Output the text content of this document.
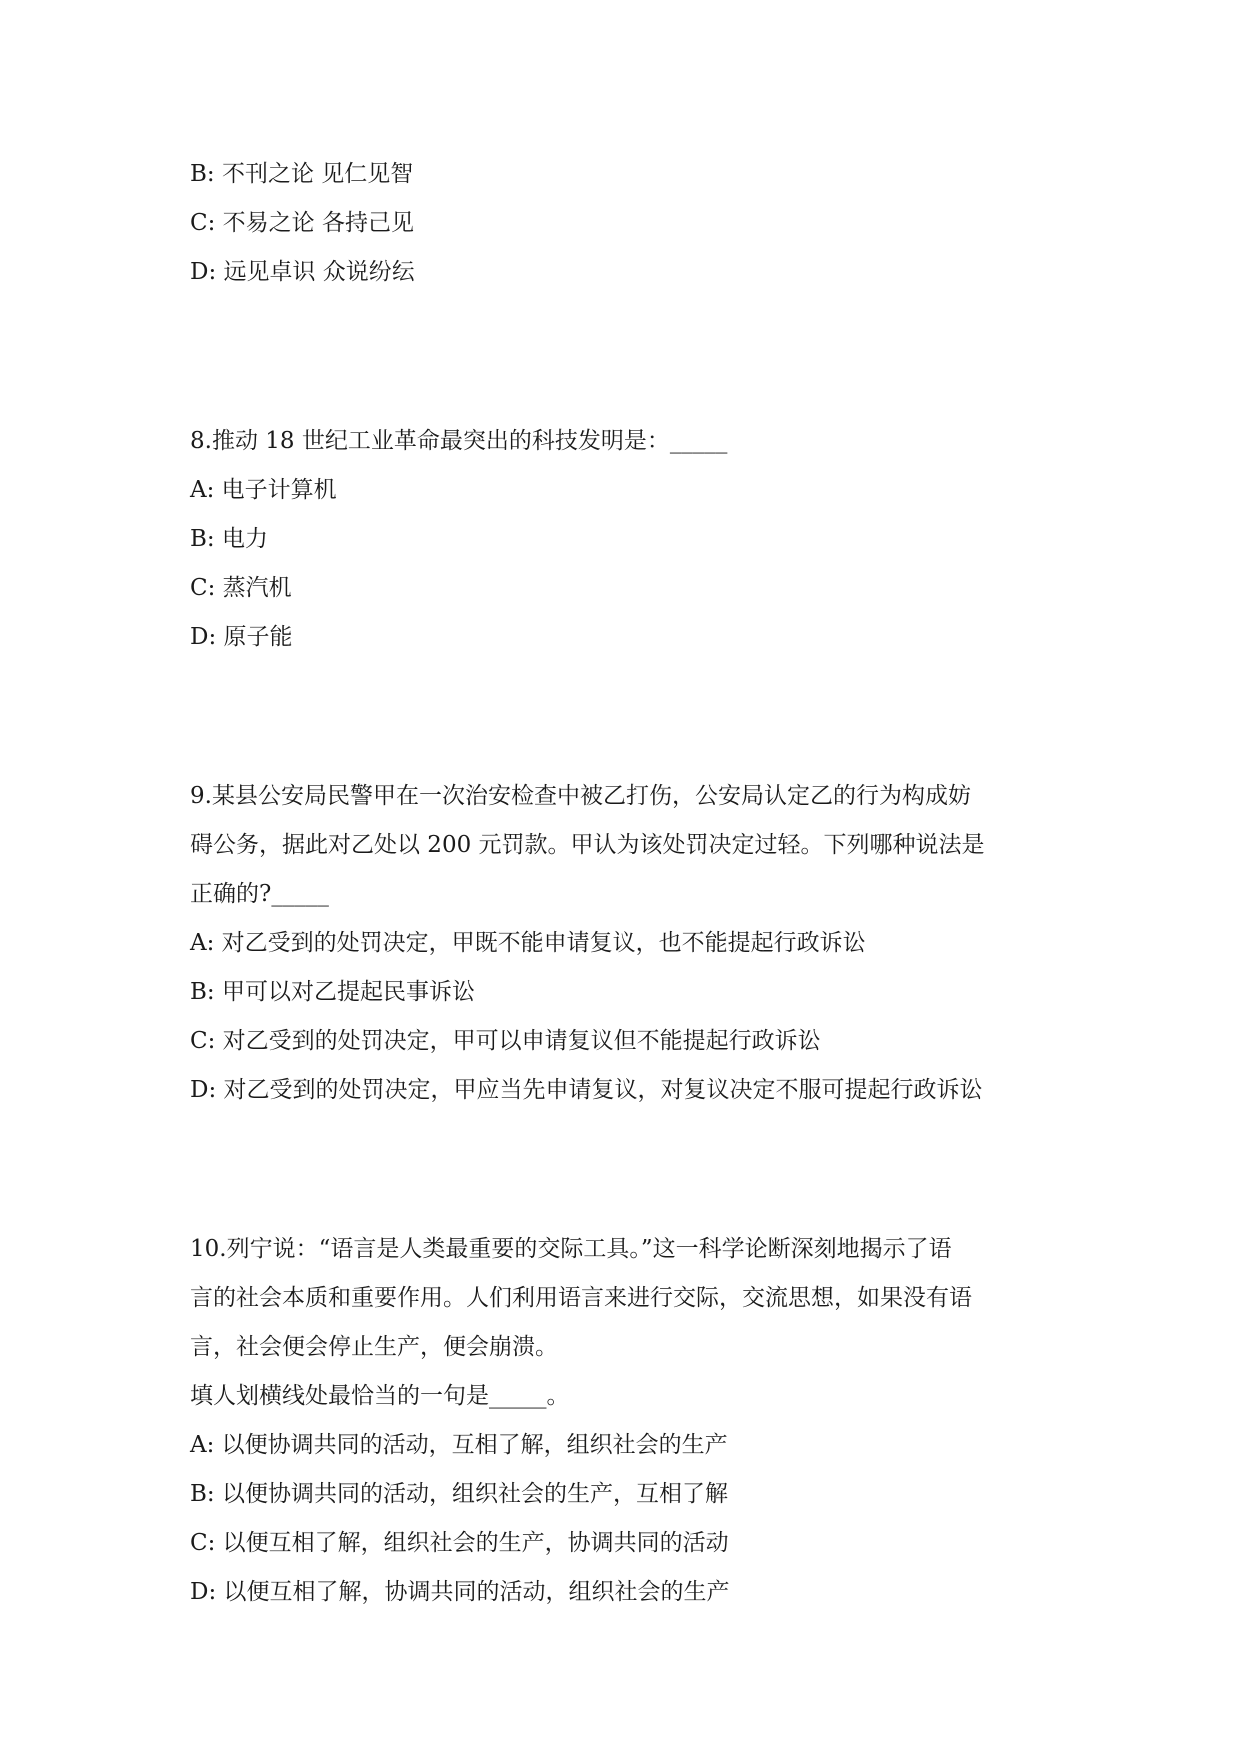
B: 不刊之论 见仁见智
C: 不易之论 各持己见
D: 远见卓识 众说纷纭
8.推动 18 世纪工业革命最突出的科技发明是：_____
A: 电子计算机
B: 电力
C: 蒸汽机
D: 原子能
9.某县公安局民警甲在一次治安检查中被乙打伤，公安局认定乙的行为构成妨
碍公务，据此对乙处以 200 元罚款。甲认为该处罚决定过轻。下列哪种说法是
正确的?_____
A: 对乙受到的处罚决定，甲既不能申请复议，也不能提起行政诉讼
B: 甲可以对乙提起民事诉讼
C: 对乙受到的处罚决定，甲可以申请复议但不能提起行政诉讼
D: 对乙受到的处罚决定，甲应当先申请复议，对复议决定不服可提起行政诉讼
10.列宁说：“语言是人类最重要的交际工具。”这一科学论断深刻地揭示了语
言的社会本质和重要作用。人们利用语言来进行交际，交流思想，如果没有语
言，社会便会停止生产，便会崩溃。
填人划横线处最恰当的一句是_____。
A: 以便协调共同的活动，互相了解，组织社会的生产
B: 以便协调共同的活动，组织社会的生产，互相了解
C: 以便互相了解，组织社会的生产，协调共同的活动
D: 以便互相了解，协调共同的活动，组织社会的生产
